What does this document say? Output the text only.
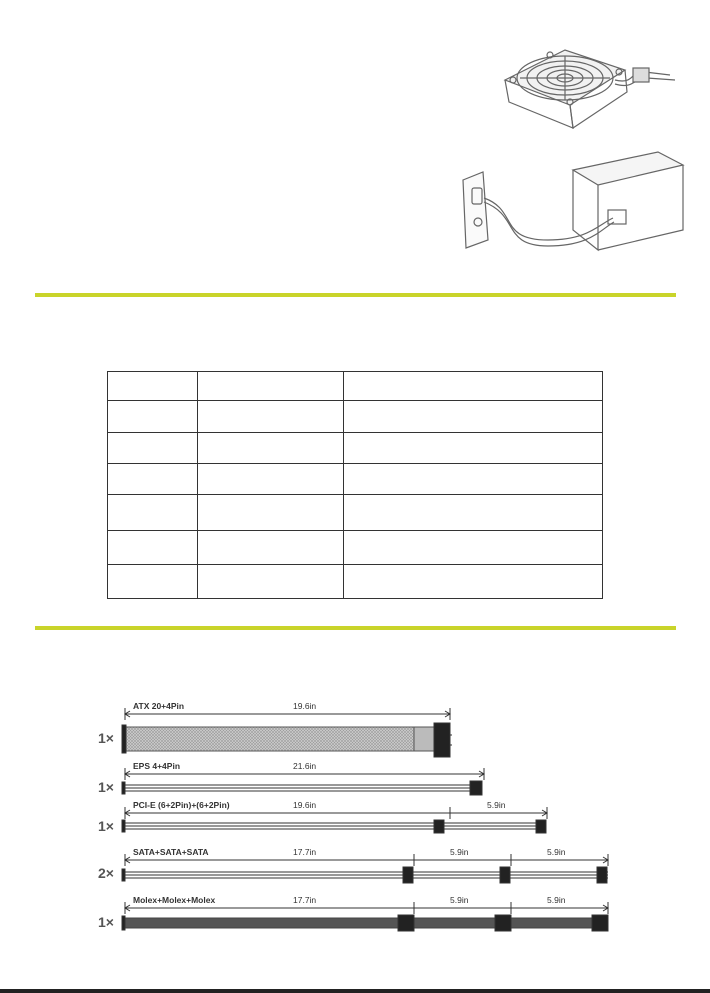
1×
1×
1×
2×
1×
ATX 20+4Pin	19.6in
EPS 4+4Pin	21.6in
PCI-E (6+2Pin)+(6+2Pin)	19.6in	5.9in
SATA+SATA+SATA	17.7in	5.9in	5.9in
Molex+Molex+Molex	17.7in	5.9in	5.9in
